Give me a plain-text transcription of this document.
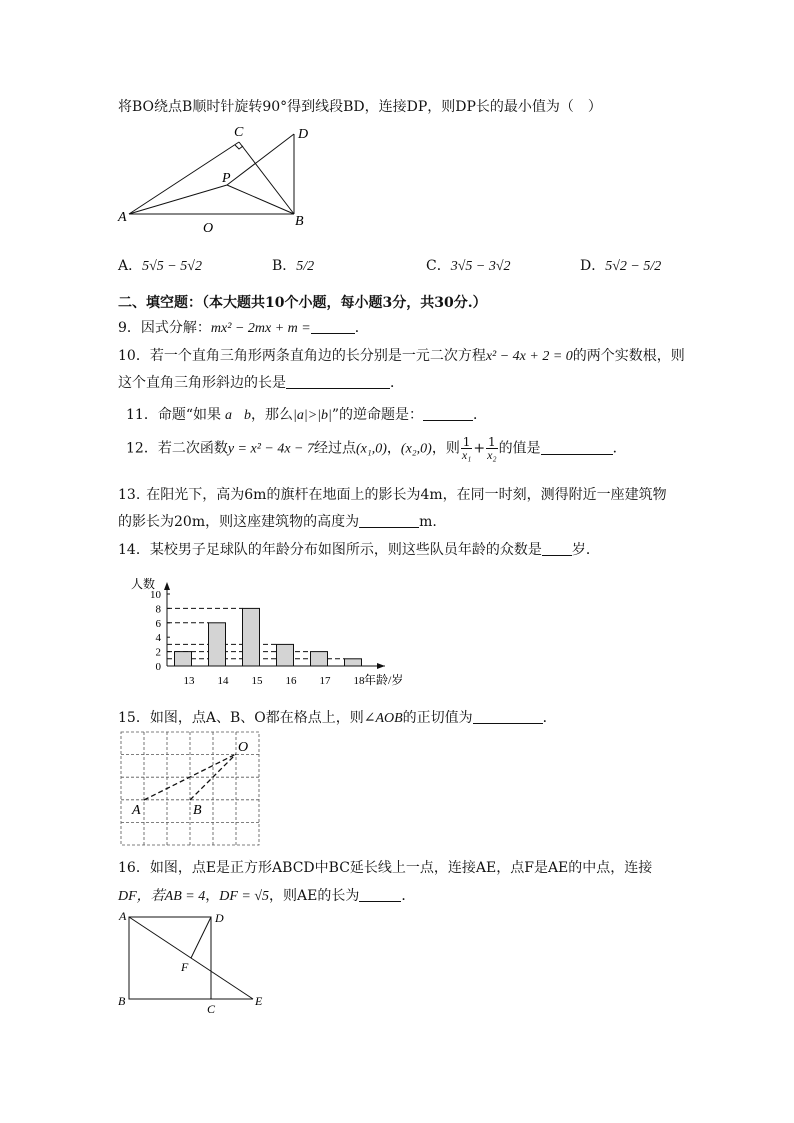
将BO绕点B顺时针旋转90°得到线段BD，连接DP，则DP长的最小值为（　）
A	B
C	D
O
P
A．5√5 − 5√2	B．5/2	C．3√5 − 3√2	D．5√2 − 5/2
二、填空题：（本大题共10个小题，每小题3分，共30分.）
9．因式分解：mx² − 2mx + m =	．
10．若一个直角三角形两条直角边的长分别是一元二次方程x² − 4x + 2 = 0的两个实数根，则
这个直角三角形斜边的长是	．
11．命题“如果 a b，那么|a|>|b|”的逆命题是：	．
12．若二次函数y = x² − 4x − 7经过点(x₁,0)，(x₂,0)，则 $\frac{1}{\text{x₁}} + \frac{1}{\text{x₂}}$ 的值是	．
13. 在阳光下，高为6m的旗杆在地面上的影长为4m，在同一时刻，测得附近一座建筑物
的影长为20m，则这座建筑物的高度为	m.
14．某校男子足球队的年龄分布如图所示，则这些队员年龄的众数是 岁．
0
2
4
6
8
10
13 14 15 16 17 18
人数
年龄/岁
15．如图，点A、B、O都在格点上，则∠AOB的正切值为	．
A	B
O
16．如图，点E是正方形ABCD中BC延长线上一点，连接AE，点F是AE的中点，连接
DF，若AB = 4，DF = √5，则AE的长为	．
A
B
C
D
E
F
